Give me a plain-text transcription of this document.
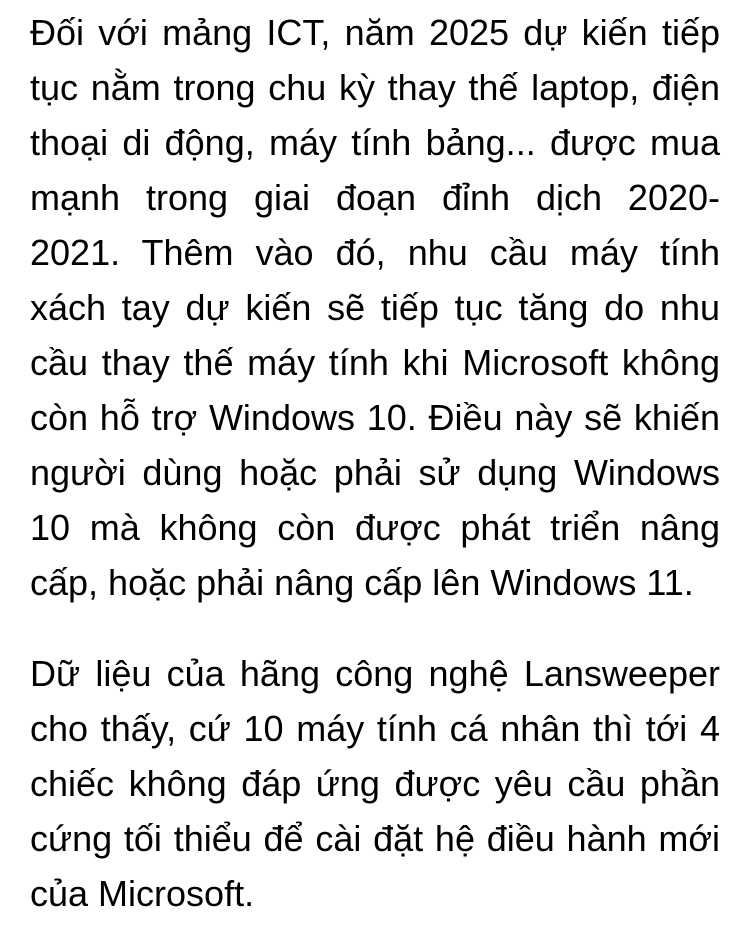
Đối với mảng ICT, năm 2025 dự kiến tiếp
tục nằm trong chu kỳ thay thế laptop, điện
thoại di động, máy tính bảng... được mua
mạnh trong giai đoạn đỉnh dịch 2020-
2021. Thêm vào đó, nhu cầu máy tính
xách tay dự kiến sẽ tiếp tục tăng do nhu
cầu thay thế máy tính khi Microsoft không
còn hỗ trợ Windows 10. Điều này sẽ khiến
người dùng hoặc phải sử dụng Windows
10 mà không còn được phát triển nâng
cấp, hoặc phải nâng cấp lên Windows 11.

Dữ liệu của hãng công nghệ Lansweeper
cho thấy, cứ 10 máy tính cá nhân thì tới 4
chiếc không đáp ứng được yêu cầu phần
cứng tối thiểu để cài đặt hệ điều hành mới
của Microsoft.
